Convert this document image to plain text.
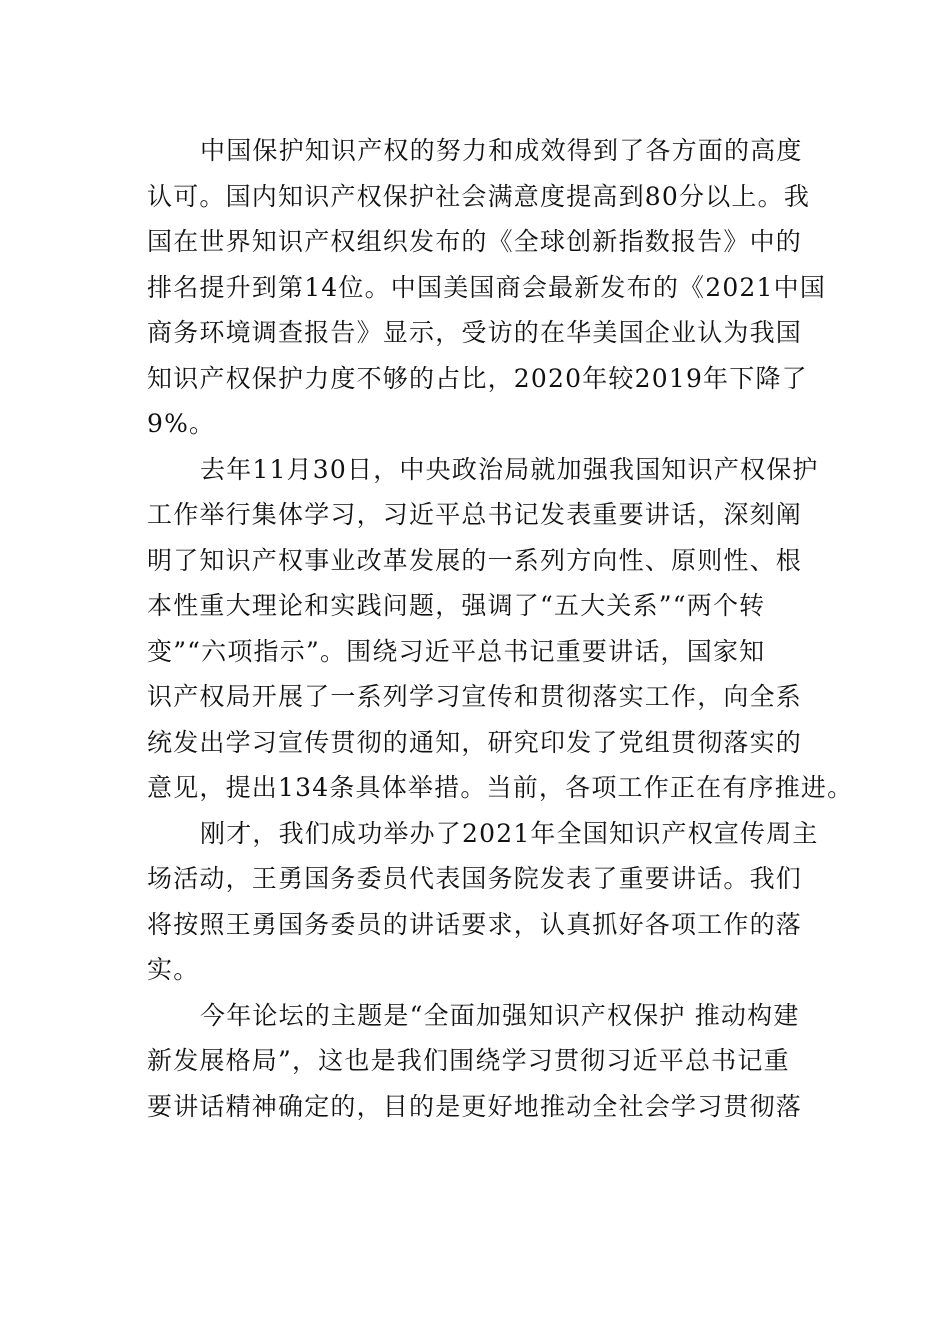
中国保护知识产权的努力和成效得到了各方面的高度
认可。国内知识产权保护社会满意度提高到80分以上。我
国在世界知识产权组织发布的《全球创新指数报告》中的
排名提升到第14位。中国美国商会最新发布的《2021中国
商务环境调查报告》显示，受访的在华美国企业认为我国
知识产权保护力度不够的占比，2020年较2019年下降了
9%。
去年11月30日，中央政治局就加强我国知识产权保护
工作举行集体学习，习近平总书记发表重要讲话，深刻阐
明了知识产权事业改革发展的一系列方向性、原则性、根
本性重大理论和实践问题，强调了“五大关系”“两个转
变”“六项指示”。围绕习近平总书记重要讲话，国家知
识产权局开展了一系列学习宣传和贯彻落实工作，向全系
统发出学习宣传贯彻的通知，研究印发了党组贯彻落实的
意见，提出134条具体举措。当前，各项工作正在有序推进。
刚才，我们成功举办了2021年全国知识产权宣传周主
场活动，王勇国务委员代表国务院发表了重要讲话。我们
将按照王勇国务委员的讲话要求，认真抓好各项工作的落
实。
今年论坛的主题是“全面加强知识产权保护 推动构建
新发展格局”，这也是我们围绕学习贯彻习近平总书记重
要讲话精神确定的，目的是更好地推动全社会学习贯彻落
